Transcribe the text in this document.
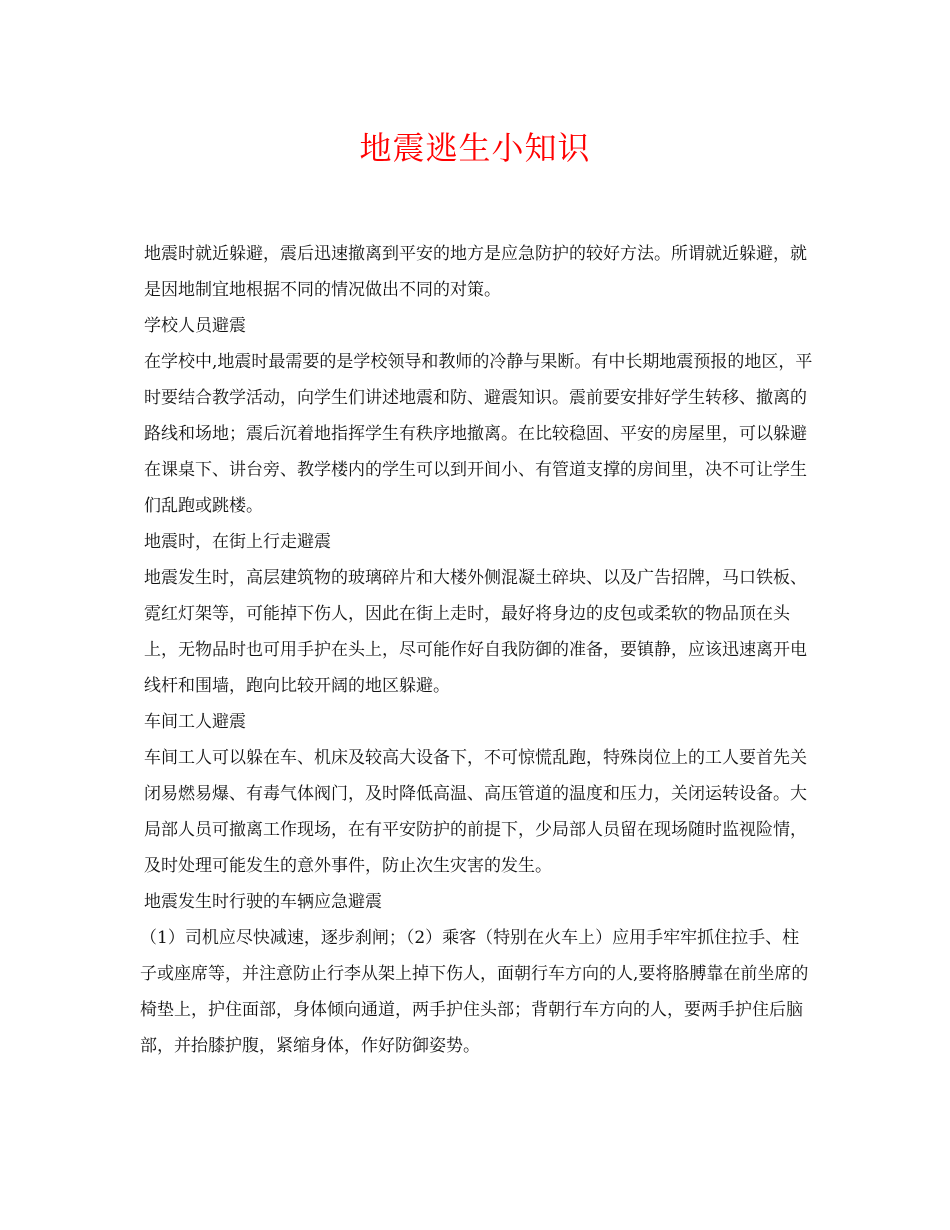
地震逃生小知识

地震时就近躲避，震后迅速撤离到平安的地方是应急防护的较好方法。所谓就近躲避，就是因地制宜地根据不同的情况做出不同的对策。

学校人员避震

在学校中,地震时最需要的是学校领导和教师的冷静与果断。有中长期地震预报的地区，平时要结合教学活动，向学生们讲述地震和防、避震知识。震前要安排好学生转移、撤离的路线和场地；震后沉着地指挥学生有秩序地撤离。在比较稳固、平安的房屋里，可以躲避在课桌下、讲台旁、教学楼内的学生可以到开间小、有管道支撑的房间里，决不可让学生们乱跑或跳楼。

地震时，在街上行走避震

地震发生时，高层建筑物的玻璃碎片和大楼外侧混凝土碎块、以及广告招牌，马口铁板、霓红灯架等，可能掉下伤人，因此在街上走时，最好将身边的皮包或柔软的物品顶在头上，无物品时也可用手护在头上，尽可能作好自我防御的准备，要镇静，应该迅速离开电线杆和围墙，跑向比较开阔的地区躲避。

车间工人避震

车间工人可以躲在车、机床及较高大设备下，不可惊慌乱跑，特殊岗位上的工人要首先关闭易燃易爆、有毒气体阀门，及时降低高温、高压管道的温度和压力，关闭运转设备。大局部人员可撤离工作现场，在有平安防护的前提下，少局部人员留在现场随时监视险情，及时处理可能发生的意外事件，防止次生灾害的发生。

地震发生时行驶的车辆应急避震

（1）司机应尽快减速，逐步刹闸；（2）乘客（特别在火车上）应用手牢牢抓住拉手、柱子或座席等，并注意防止行李从架上掉下伤人，面朝行车方向的人,要将胳膊靠在前坐席的椅垫上，护住面部，身体倾向通道，两手护住头部；背朝行车方向的人，要两手护住后脑部，并抬膝护腹，紧缩身体，作好防御姿势。
